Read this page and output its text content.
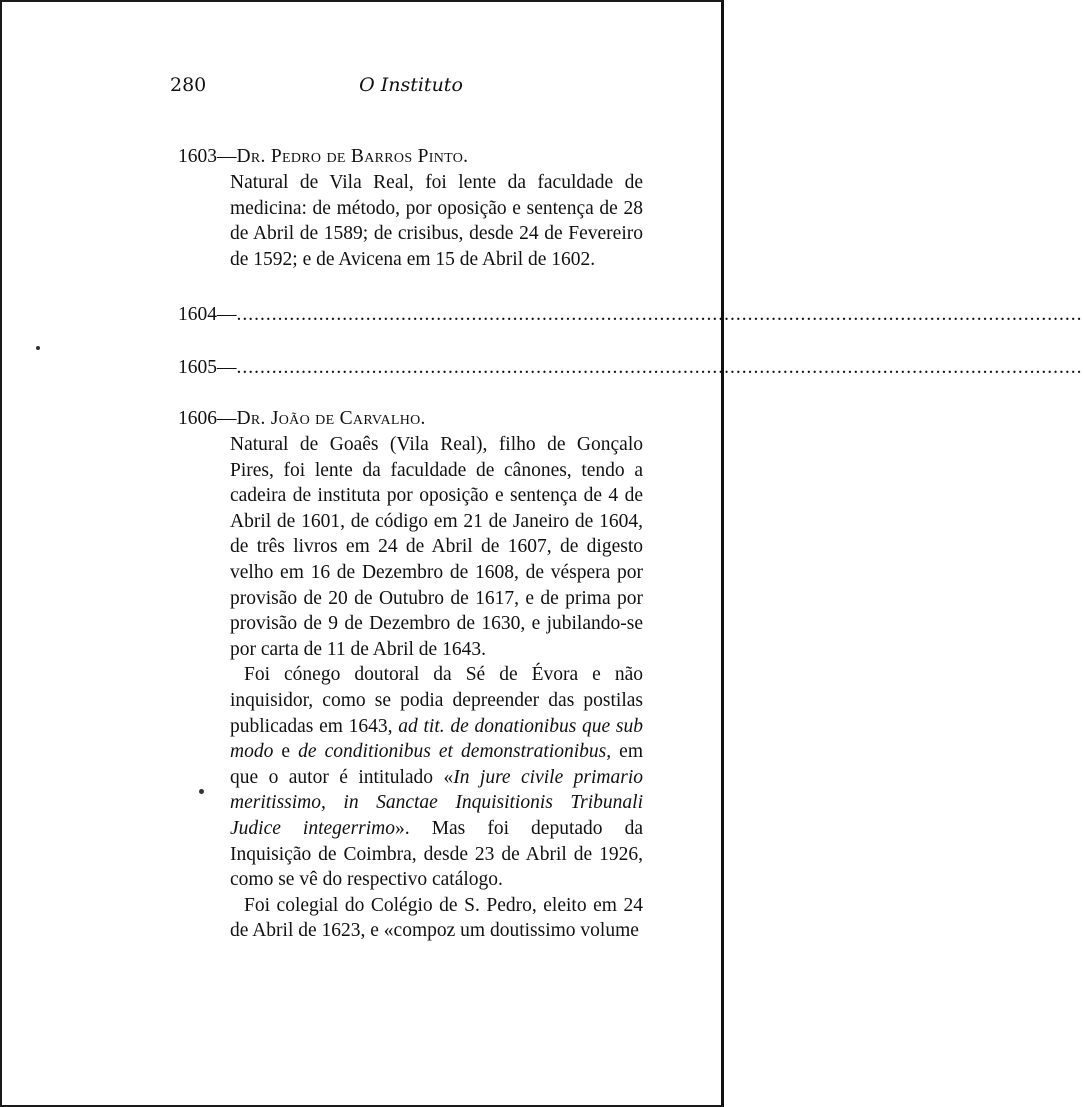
280	O Instituto
1603—Dr. Pedro de Barros Pinto.

Natural de Vila Real, foi lente da faculdade de medicina: de método, por oposição e sentença de 28 de Abril de 1589; de crisibus, desde 24 de Fevereiro de 1592; e de Avicena em 15 de Abril de 1602.

1604— ................................................................................................................................................
1605— ................................................................................................................................................
1606—Dr. João de Carvalho.

Natural de Goaês (Vila Real), filho de Gonçalo Pires, foi lente da faculdade de cânones, tendo a cadeira de instituta por oposição e sentença de 4 de Abril de 1601, de código em 21 de Janeiro de 1604, de três livros em 24 de Abril de 1607, de digesto velho em 16 de Dezembro de 1608, de véspera por provisão de 20 de Outubro de 1617, e de prima por provisão de 9 de Dezembro de 1630, e jubilando-se por carta de 11 de Abril de 1643.

Foi cónego doutoral da Sé de Évora e não inquisidor, como se podia depreender das postilas publicadas em 1643, ad tit. de donationibus que sub modo e de conditionibus et demonstrationibus, em que o autor é intitulado «In jure civile primario meritissimo, in Sanctae Inquisitionis Tribunali Judice integerrimo». Mas foi deputado da Inquisição de Coimbra, desde 23 de Abril de 1926, como se vê do respectivo catálogo.

Foi colegial do Colégio de S. Pedro, eleito em 24 de Abril de 1623, e «compoz um doutissimo volume
